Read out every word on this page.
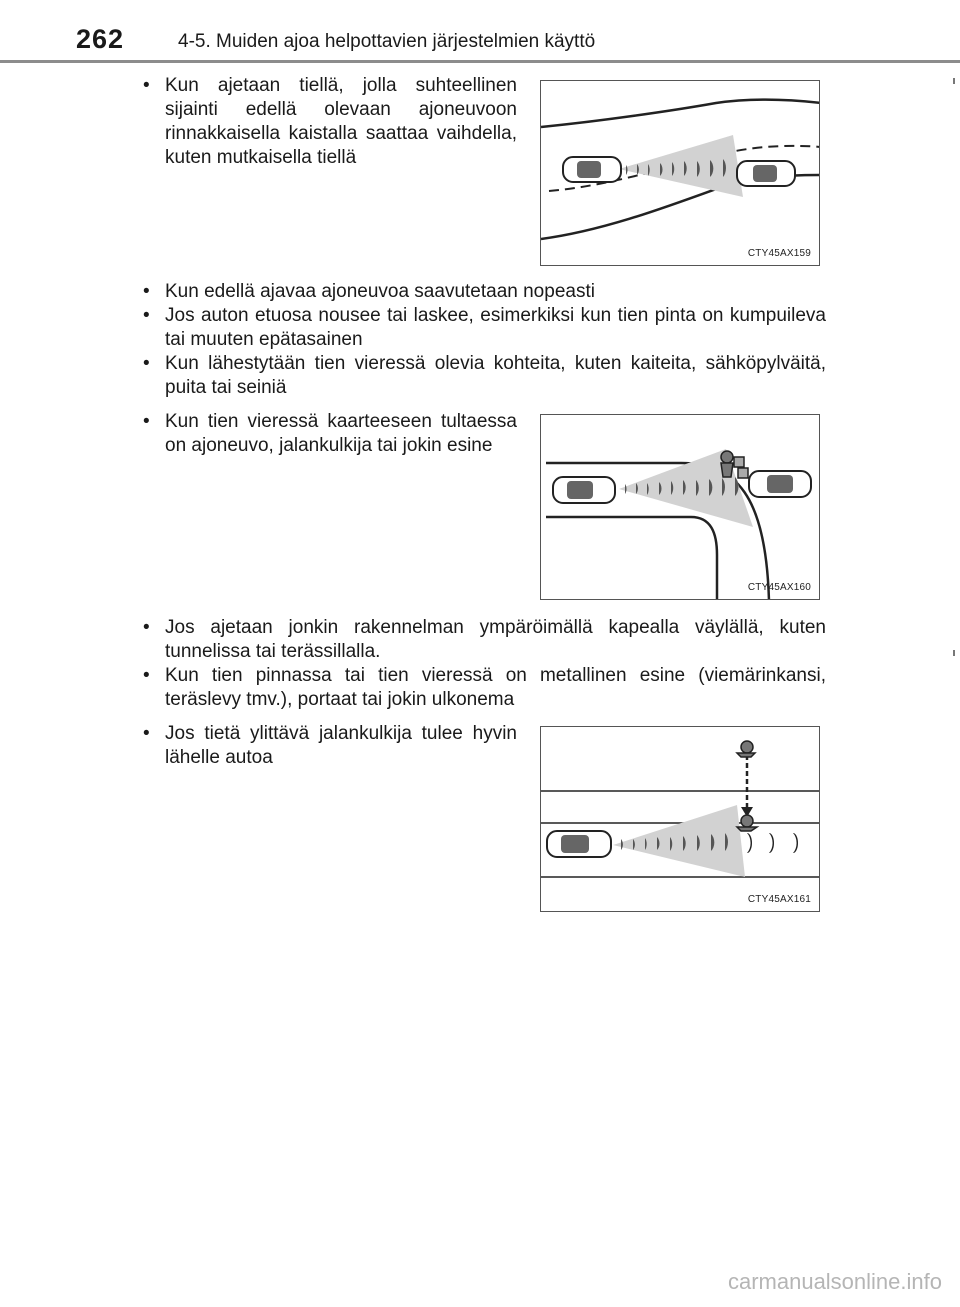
262	4-5. Muiden ajoa helpottavien järjestelmien käyttö
• Kun ajetaan tiellä, jolla suhteellinen sijainti edellä olevaan ajoneuvoon rinnakkaisella kaistalla saattaa vaihdella, kuten mutkaisella tiellä
CTY45AX159
• Kun edellä ajavaa ajoneuvoa saavutetaan nopeasti
• Jos auton etuosa nousee tai laskee, esimerkiksi kun tien pinta on kumpuileva tai muuten epätasainen
• Kun lähestytään tien vieressä olevia kohteita, kuten kaiteita, sähköpylväitä, puita tai seiniä
• Kun tien vieressä kaarteeseen tultaessa on ajoneuvo, jalankulkija tai jokin esine
CTY45AX160
• Jos ajetaan jonkin rakennelman ympäröimällä kapealla väylällä, kuten tunnelissa tai terässillalla.
• Kun tien pinnassa tai tien vieressä on metallinen esine (viemärinkansi, teräslevy tmv.), portaat tai jokin ulkonema
• Jos tietä ylittävä jalankulkija tulee hyvin lähelle autoa
CTY45AX161
carmanualsonline.info
